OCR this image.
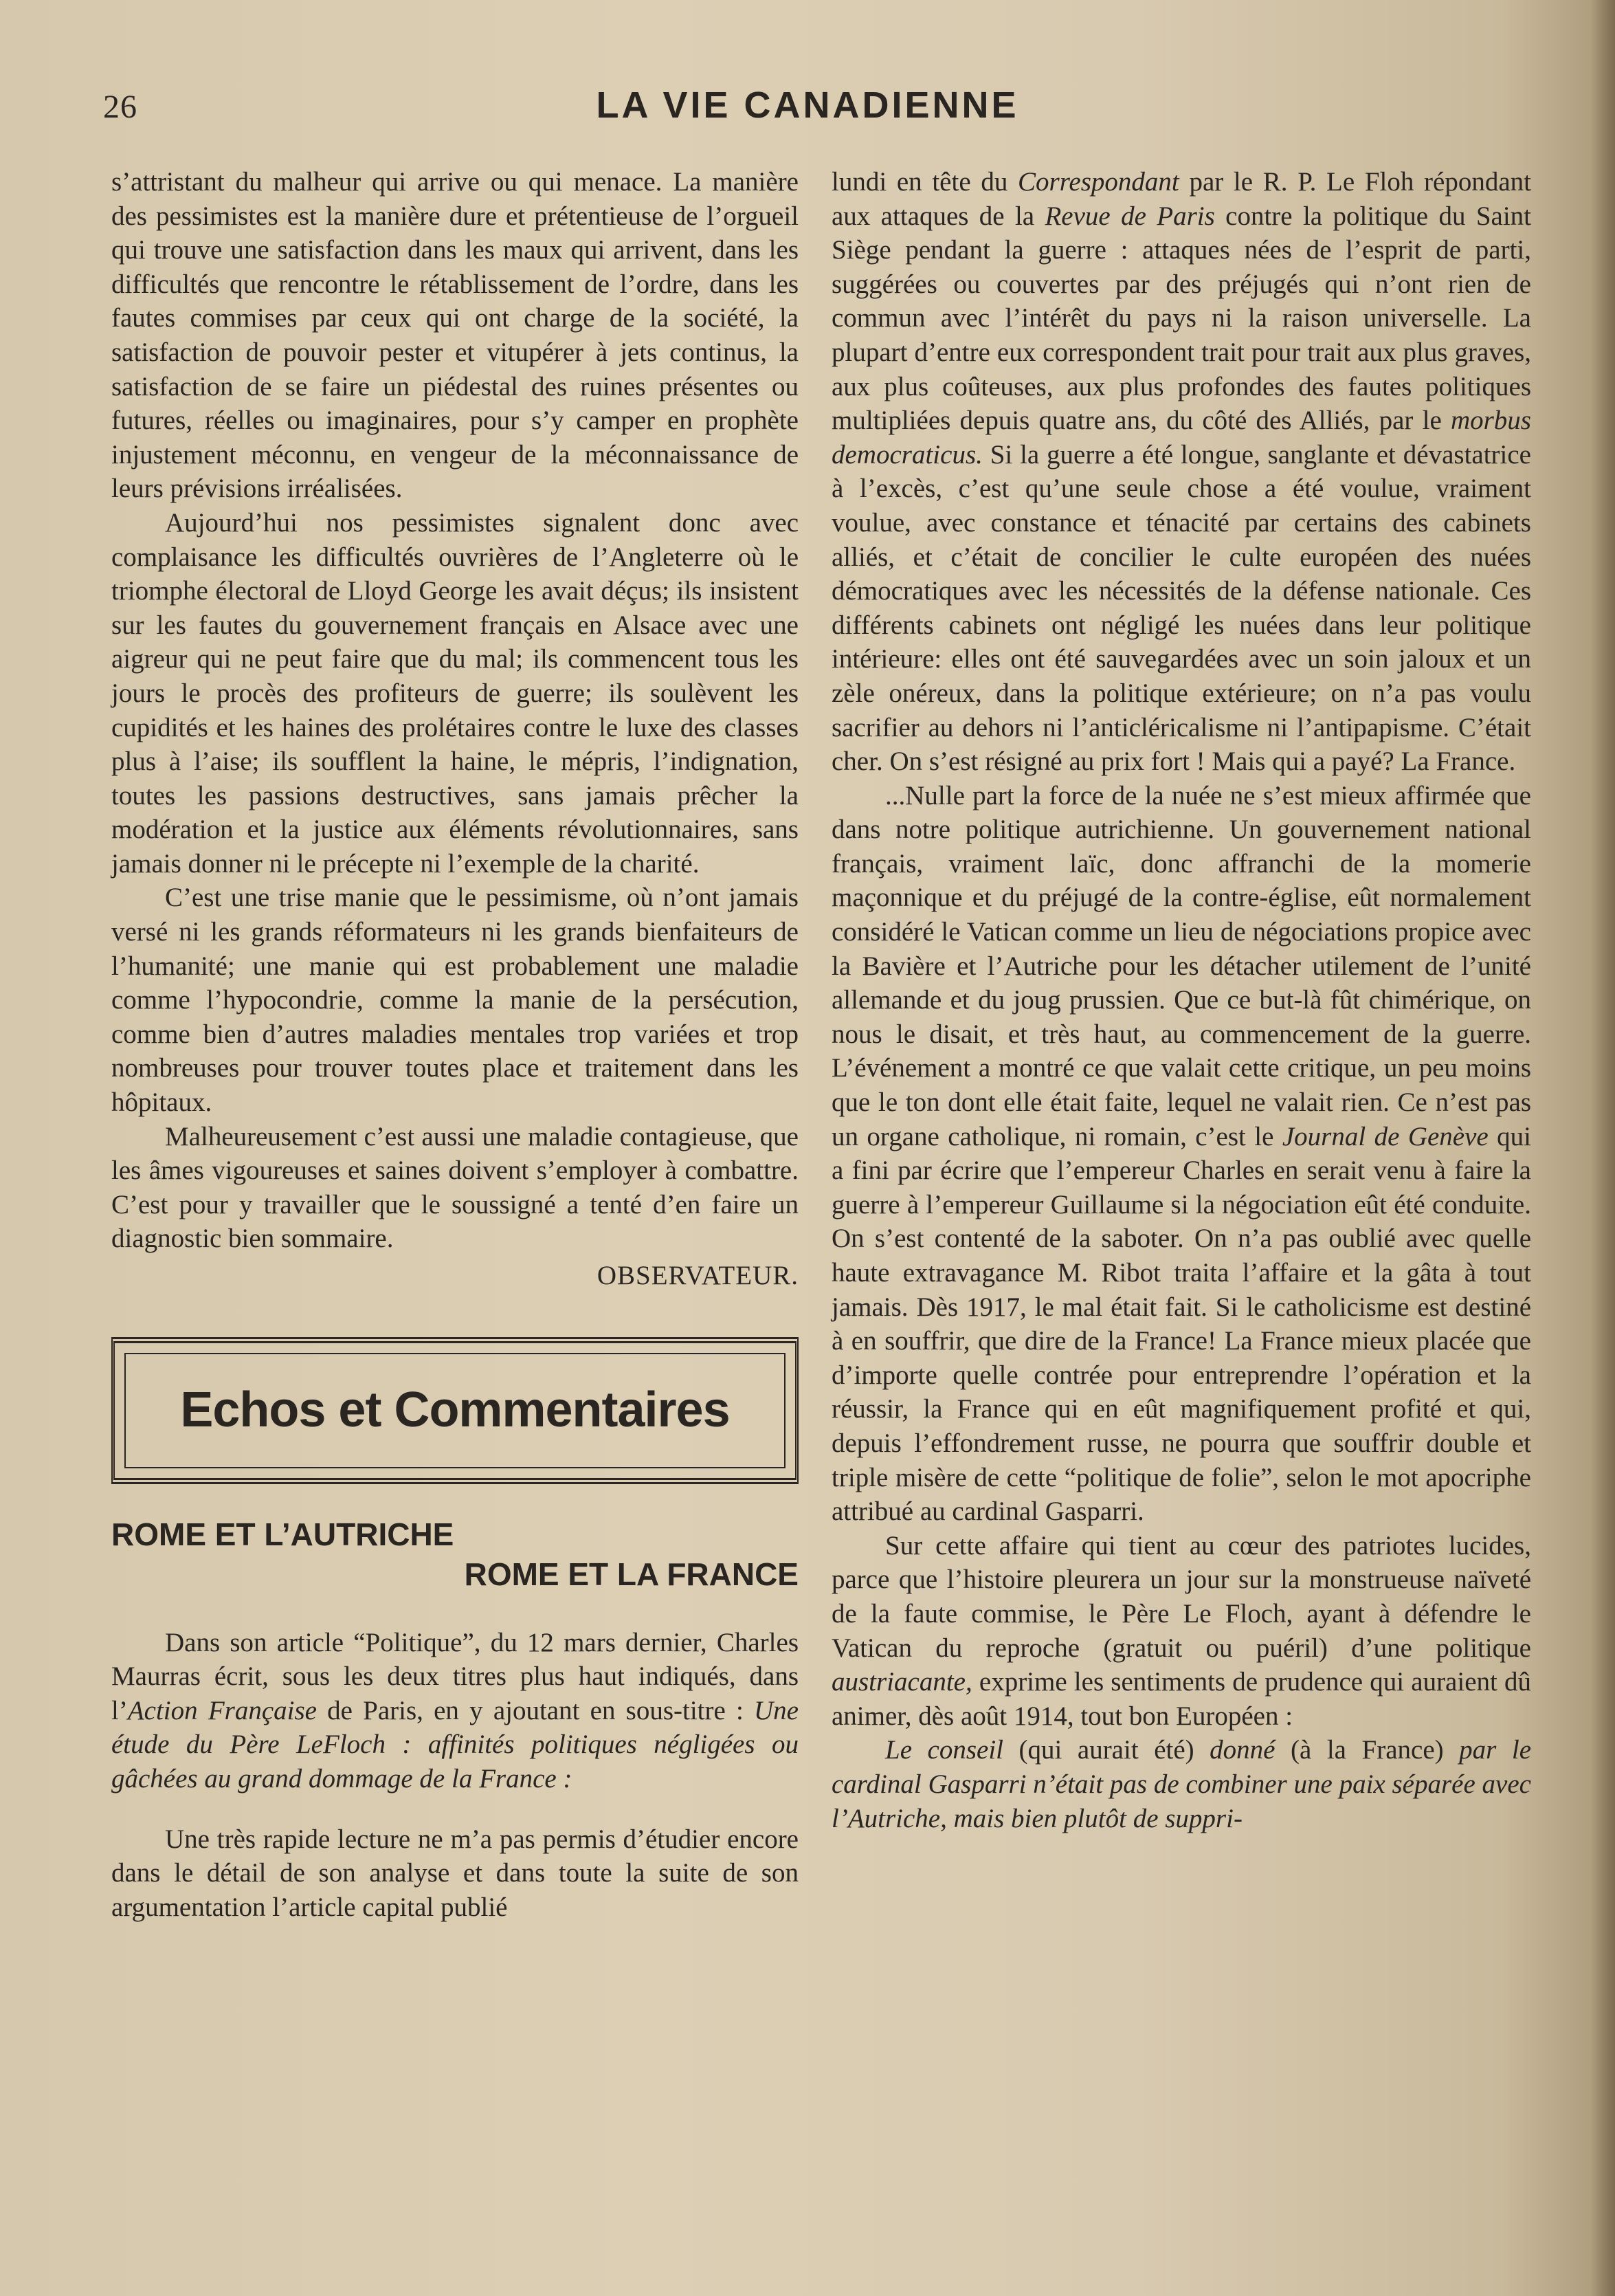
26	LA VIE CANADIENNE

s’attristant du malheur qui arrive ou qui menace. La manière des pessimistes est la manière dure et prétentieuse de l’orgueil qui trouve une satisfaction dans les maux qui arrivent, dans les difficultés que rencontre le rétablissement de l’ordre, dans les fautes commises par ceux qui ont charge de la société, la satisfaction de pouvoir pester et vitupérer à jets continus, la satisfaction de se faire un piédestal des ruines présentes ou futures, réelles ou imaginaires, pour s’y camper en prophète injustement méconnu, en vengeur de la méconnaissance de leurs prévisions irréalisées.

Aujourd’hui nos pessimistes signalent donc avec complaisance les difficultés ouvrières de l’Angleterre où le triomphe électoral de Lloyd George les avait déçus; ils insistent sur les fautes du gouvernement français en Alsace avec une aigreur qui ne peut faire que du mal; ils commencent tous les jours le procès des profiteurs de guerre; ils soulèvent les cupidités et les haines des prolétaires contre le luxe des classes plus à l’aise; ils soufflent la haine, le mépris, l’indignation, toutes les passions destructives, sans jamais prêcher la modération et la justice aux éléments révolutionnaires, sans jamais donner ni le précepte ni l’exemple de la charité.

C’est une trise manie que le pessimisme, où n’ont jamais versé ni les grands réformateurs ni les grands bienfaiteurs de l’humanité; une manie qui est probablement une maladie comme l’hypocondrie, comme la manie de la persécution, comme bien d’autres maladies mentales trop variées et trop nombreuses pour trouver toutes place et traitement dans les hôpitaux.

Malheureusement c’est aussi une maladie contagieuse, que les âmes vigoureuses et saines doivent s’employer à combattre. C’est pour y travailler que le soussigné a tenté d’en faire un diagnostic bien sommaire.

OBSERVATEUR.

Echos et Commentaires
ROME ET L’AUTRICHE
ROME ET LA FRANCE

Dans son article “Politique”, du 12 mars dernier, Charles Maurras écrit, sous les deux titres plus haut indiqués, dans l’Action Française de Paris, en y ajoutant en sous-titre : Une étude du Père LeFloch : affinités politiques négligées ou gâchées au grand dommage de la France :

Une très rapide lecture ne m’a pas permis d’étudier encore dans le détail de son analyse et dans toute la suite de son argumentation l’article capital publié

lundi en tête du Correspondant par le R. P. Le Floh répondant aux attaques de la Revue de Paris contre la politique du Saint Siège pendant la guerre : attaques nées de l’esprit de parti, suggérées ou couvertes par des préjugés qui n’ont rien de commun avec l’intérêt du pays ni la raison universelle. La plupart d’entre eux correspondent trait pour trait aux plus graves, aux plus coûteuses, aux plus profondes des fautes politiques multipliées depuis quatre ans, du côté des Alliés, par le morbus democraticus. Si la guerre a été longue, sanglante et dévastatrice à l’excès, c’est qu’une seule chose a été voulue, vraiment voulue, avec constance et ténacité par certains des cabinets alliés, et c’était de concilier le culte européen des nuées démocratiques avec les nécessités de la défense nationale. Ces différents cabinets ont négligé les nuées dans leur politique intérieure: elles ont été sauvegardées avec un soin jaloux et un zèle onéreux, dans la politique extérieure; on n’a pas voulu sacrifier au dehors ni l’anticléricalisme ni l’antipapisme. C’était cher. On s’est résigné au prix fort ! Mais qui a payé? La France.

...Nulle part la force de la nuée ne s’est mieux affirmée que dans notre politique autrichienne. Un gouvernement national français, vraiment laïc, donc affranchi de la momerie maçonnique et du préjugé de la contre-église, eût normalement considéré le Vatican comme un lieu de négociations propice avec la Bavière et l’Autriche pour les détacher utilement de l’unité allemande et du joug prussien. Que ce but-là fût chimérique, on nous le disait, et très haut, au commencement de la guerre. L’événement a montré ce que valait cette critique, un peu moins que le ton dont elle était faite, lequel ne valait rien. Ce n’est pas un organe catholique, ni romain, c’est le Journal de Genève qui a fini par écrire que l’empereur Charles en serait venu à faire la guerre à l’empereur Guillaume si la négociation eût été conduite. On s’est contenté de la saboter. On n’a pas oublié avec quelle haute extravagance M. Ribot traita l’affaire et la gâta à tout jamais. Dès 1917, le mal était fait. Si le catholicisme est destiné à en souffrir, que dire de la France! La France mieux placée que d’importe quelle contrée pour entreprendre l’opération et la réussir, la France qui en eût magnifiquement profité et qui, depuis l’effondrement russe, ne pourra que souffrir double et triple misère de cette “politique de folie”, selon le mot apocriphe attribué au cardinal Gasparri.

Sur cette affaire qui tient au cœur des patriotes lucides, parce que l’histoire pleurera un jour sur la monstrueuse naïveté de la faute commise, le Père Le Floch, ayant à défendre le Vatican du reproche (gratuit ou puéril) d’une politique austriacante, exprime les sentiments de prudence qui auraient dû animer, dès août 1914, tout bon Européen :

Le conseil (qui aurait été) donné (à la France) par le cardinal Gasparri n’était pas de combiner une paix séparée avec l’Autriche, mais bien plutôt de suppri-
